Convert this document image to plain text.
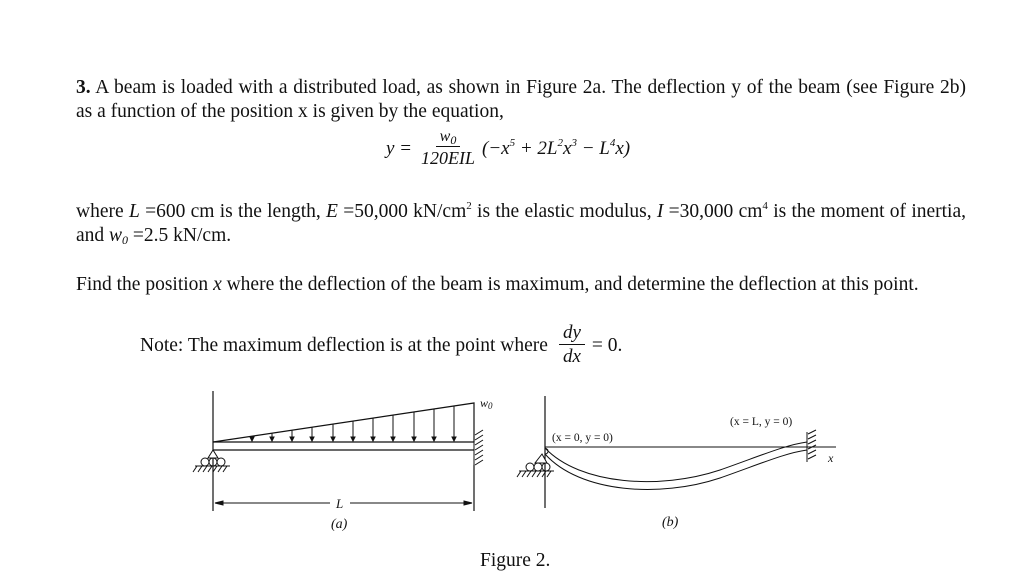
3. A beam is loaded with a distributed load, as shown in Figure 2a. The deflection y of the beam (see Figure 2b) as a function of the position x is given by the equation,
$y = \frac{w_0}{\text{120EIL}} (-x^5 + 2L^2x^3 - L^4x)$
where L =600 cm is the length, E =50,000 $kN/cm^2$ is the elastic modulus, I =30,000 $cm^4$ is the moment of inertia, and $w_0 =2.5$ kN/cm.
Find the position x where the deflection of the beam is maximum, and determine the deflection at this point.
Note: The maximum deflection is at the point where $\frac{dy}{dx} = 0$.
L
w0
(a)
(x = 0, y = 0)
(x = L, y = 0)
x
(b)
Figure 2.
